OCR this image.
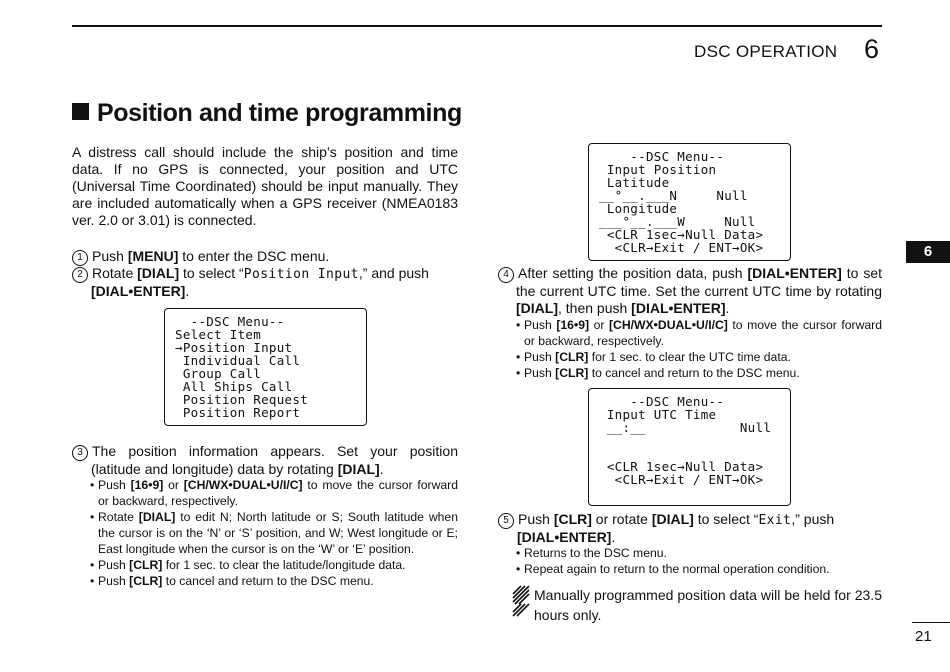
DSC OPERATION 6
Position and time programming
A distress call should include the ship’s position and time data. If no GPS is connected, your position and UTC (Universal Time Coordinated) should be input manually. They are included automatically when a GPS receiver (NMEA0183 ver. 2.0 or 3.01) is connected.
1 Push [MENU] to enter the DSC menu.
2 Rotate [DIAL] to select “Position Input,” and push
[DIAL•ENTER].
--DSC Menu--
Select Item
→Position Input
Individual Call
Group Call
All Ships Call
Position Request
Position Report
3 The position information appears. Set your position (latitude and longitude) data by rotating [DIAL].
• Push [16•9] or [CH/WX•DUAL•U/I/C] to move the cursor forward or backward, respectively.
• Rotate [DIAL] to edit N; North latitude or S; South latitude when the cursor is on the ‘N’ or ‘S’ position, and W; West longitude or E; East longitude when the cursor is on the ‘W’ or ‘E’ position.
• Push [CLR] for 1 sec. to clear the latitude/longitude data.
• Push [CLR] to cancel and return to the DSC menu.
--DSC Menu--
Input Position
Latitude
__°__.___N     Null
Longitude
___°__.___W     Null
<CLR 1sec→Null Data>
<CLR→Exit / ENT→OK>
4 After setting the position data, push [DIAL•ENTER] to set the current UTC time. Set the current UTC time by rotating [DIAL], then push [DIAL•ENTER].
• Push [16•9] or [CH/WX•DUAL•U/I/C] to move the cursor forward or backward, respectively.
• Push [CLR] for 1 sec. to clear the UTC time data.
• Push [CLR] to cancel and return to the DSC menu.
--DSC Menu--
Input UTC Time
__:__            Null
<CLR 1sec→Null Data>
<CLR→Exit / ENT→OK>
5 Push [CLR] or rotate [DIAL] to select “Exit,” push
[DIAL•ENTER].
• Returns to the DSC menu.
• Repeat again to return to the normal operation condition.
Manually programmed position data will be held for 23.5 hours only.
6
21
